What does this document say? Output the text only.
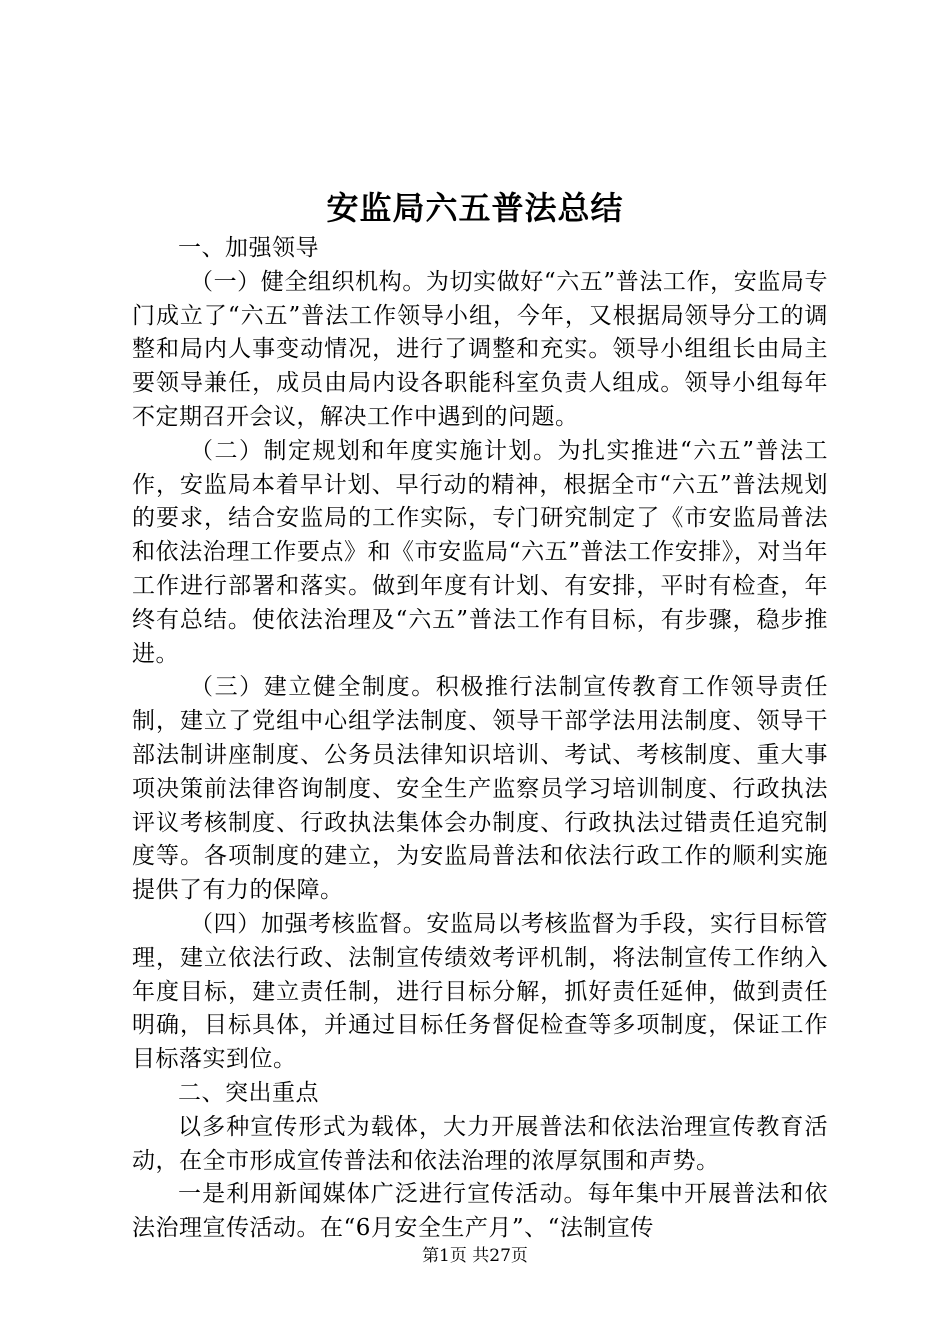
安监局六五普法总结

一、加强领导

（一）健全组织机构。为切实做好“六五”普法工作，安监局专门成立了“六五”普法工作领导小组，今年，又根据局领导分工的调整和局内人事变动情况，进行了调整和充实。领导小组组长由局主要领导兼任，成员由局内设各职能科室负责人组成。领导小组每年不定期召开会议，解决工作中遇到的问题。

（二）制定规划和年度实施计划。为扎实推进“六五”普法工作，安监局本着早计划、早行动的精神，根据全市“六五”普法规划的要求，结合安监局的工作实际，专门研究制定了《市安监局普法和依法治理工作要点》和《市安监局“六五”普法工作安排》，对当年工作进行部署和落实。做到年度有计划、有安排，平时有检查，年终有总结。使依法治理及“六五”普法工作有目标，有步骤，稳步推进。

（三）建立健全制度。积极推行法制宣传教育工作领导责任制，建立了党组中心组学法制度、领导干部学法用法制度、领导干部法制讲座制度、公务员法律知识培训、考试、考核制度、重大事项决策前法律咨询制度、安全生产监察员学习培训制度、行政执法评议考核制度、行政执法集体会办制度、行政执法过错责任追究制度等。各项制度的建立，为安监局普法和依法行政工作的顺利实施提供了有力的保障。

（四）加强考核监督。安监局以考核监督为手段，实行目标管理，建立依法行政、法制宣传绩效考评机制，将法制宣传工作纳入年度目标，建立责任制，进行目标分解，抓好责任延伸，做到责任明确，目标具体，并通过目标任务督促检查等多项制度，保证工作目标落实到位。

二、突出重点

以多种宣传形式为载体，大力开展普法和依法治理宣传教育活动，在全市形成宣传普法和依法治理的浓厚氛围和声势。

一是利用新闻媒体广泛进行宣传活动。每年集中开展普法和依法治理宣传活动。在“6月安全生产月”、“法制宣传

第1页 共27页
